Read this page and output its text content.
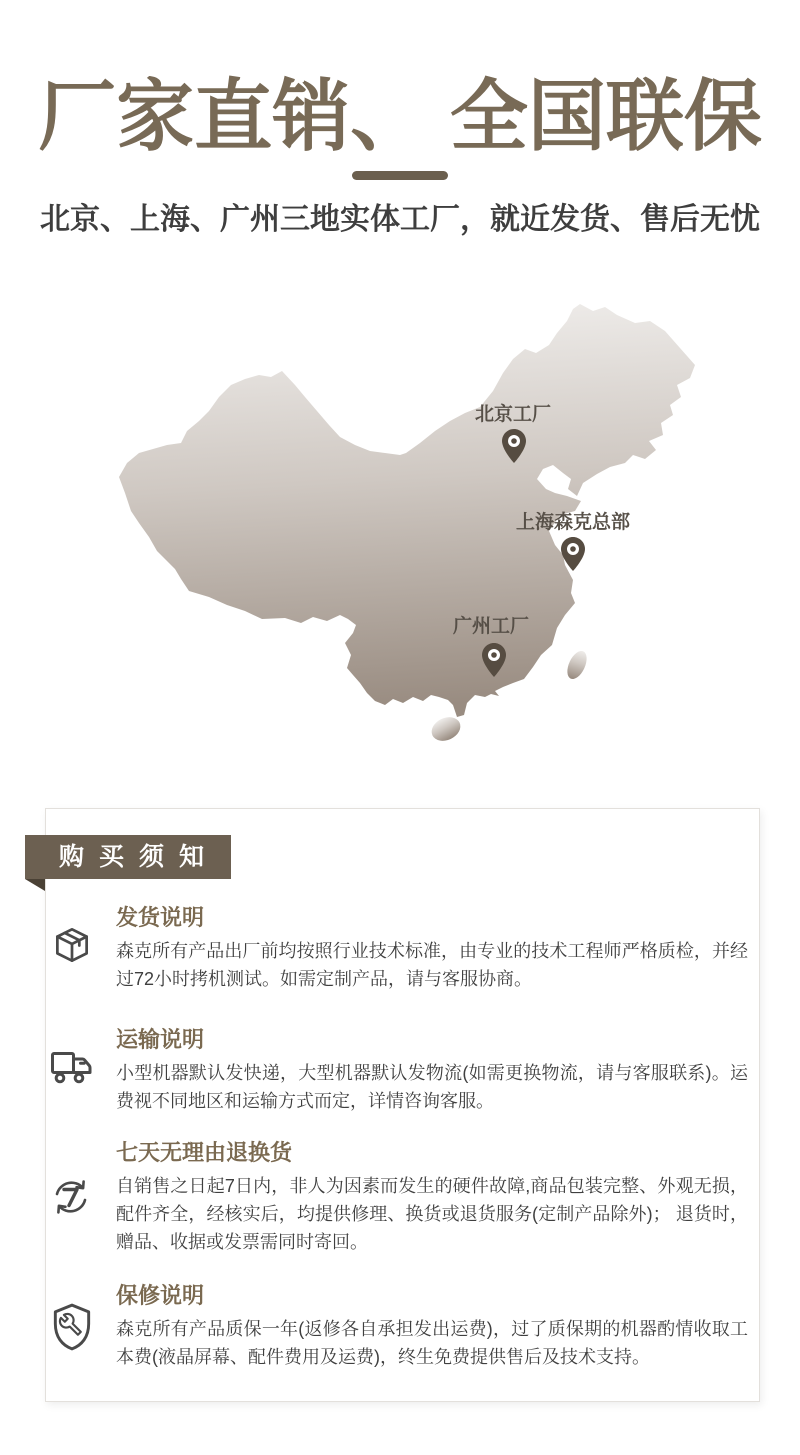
厂家直销、 全国联保
北京、上海、广州三地实体工厂，就近发货、售后无忧
北京工厂
上海森克总部
广州工厂
发货说明

森克所有产品出厂前均按照行业技术标准，由专业的技术工程师严格质检，并经过72小时拷机测试。如需定制产品，请与客服协商。

运输说明

小型机器默认发快递，大型机器默认发物流(如需更换物流，请与客服联系)。运费视不同地区和运输方式而定，详情咨询客服。

七天无理由退换货

自销售之日起7日内，非人为因素而发生的硬件故障,商品包装完整、外观无损，配件齐全，经核实后，均提供修理、换货或退货服务(定制产品除外)； 退货时，赠品、收据或发票需同时寄回。

保修说明

森克所有产品质保一年(返修各自承担发出运费)，过了质保期的机器酌情收取工本费(液晶屏幕、配件费用及运费)，终生免费提供售后及技术支持。

购买须知
